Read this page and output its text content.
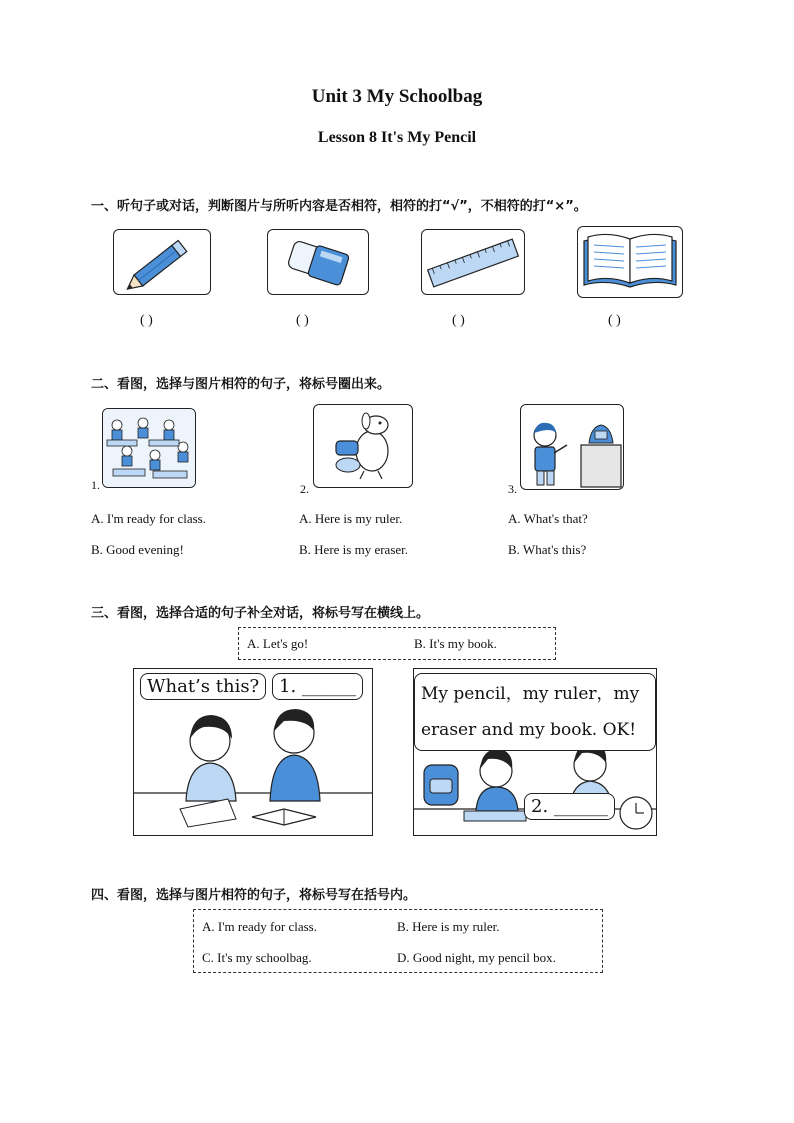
Unit 3 My Schoolbag
Lesson 8 It's My Pencil
一、听句子或对话，判断图片与所听内容是否相符，相符的打“√”，不相符的打“×”。
( )	( )	( )	( )
二、看图，选择与图片相符的句子，将标号圈出来。
1.
A. I'm ready for class.
B. Good evening!
2.
A. Here is my ruler.
B. Here is my eraser.
3.
A. What's that?
B. What's this?
三、看图，选择合适的句子补全对话，将标号写在横线上。
A. Let's go!	B. It's my book.
What’s this?	1. ______	My pencil，my ruler，my
eraser and my book. OK!
2. ______
四、看图，选择与图片相符的句子，将标号写在括号内。
A. I'm ready for class.	B. Here is my ruler.
C. It's my schoolbag.	D. Good night, my pencil box.
